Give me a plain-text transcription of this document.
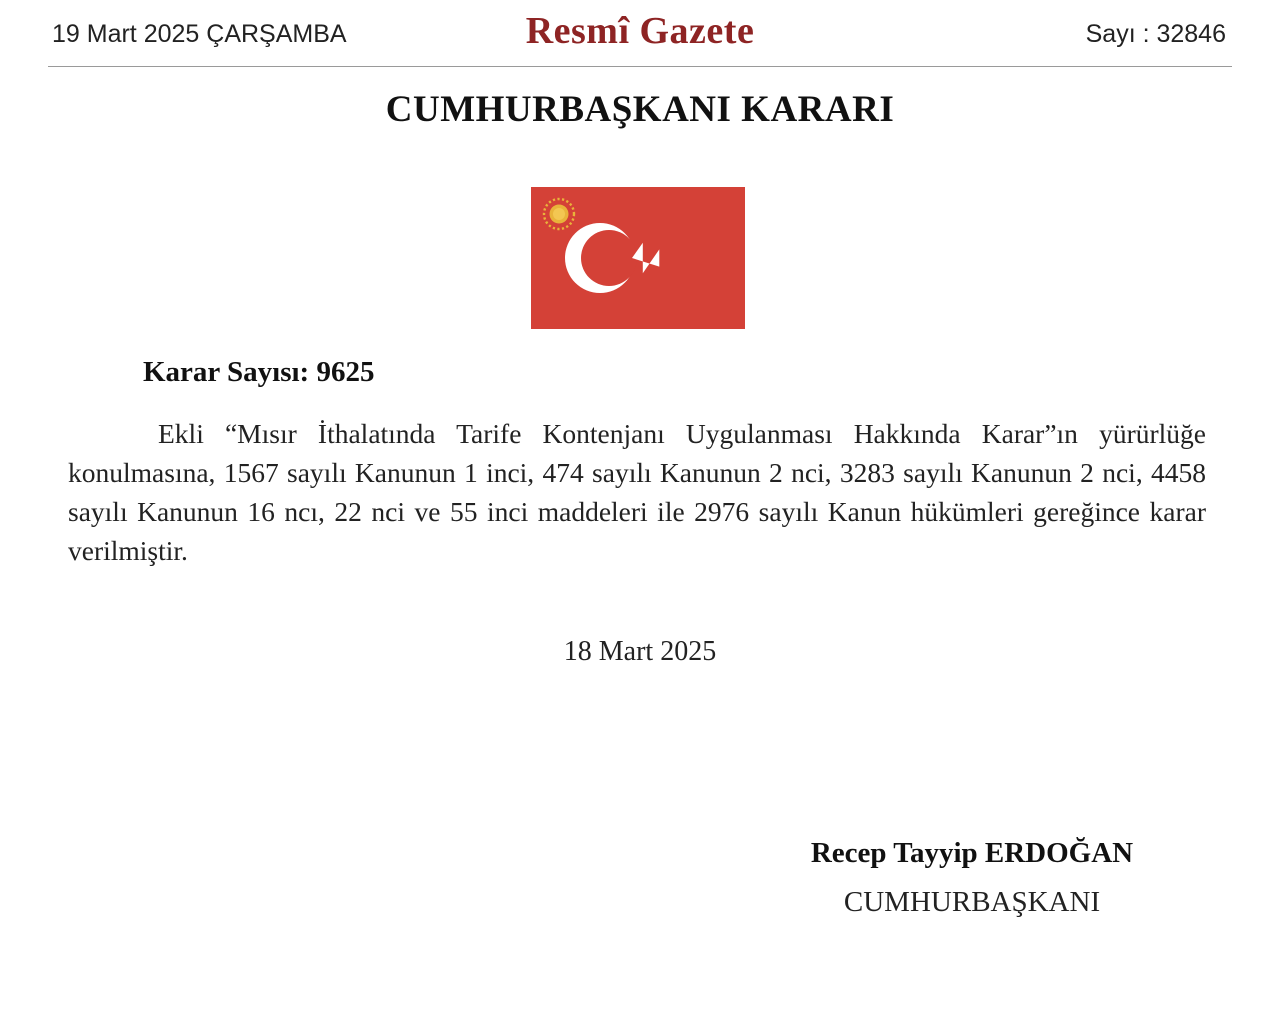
19 Mart 2025 ÇARŞAMBA	Resmî Gazete	Sayı : 32846
CUMHURBAŞKANI KARARI
Karar Sayısı: 9625

Ekli “Mısır İthalatında Tarife Kontenjanı Uygulanması Hakkında Karar”ın yürürlüğe konulmasına, 1567 sayılı Kanunun 1 inci, 474 sayılı Kanunun 2 nci, 3283 sayılı Kanunun 2 nci, 4458 sayılı Kanunun 16 ncı, 22 nci ve 55 inci maddeleri ile 2976 sayılı Kanun hükümleri gereğince karar verilmiştir.

18 Mart 2025
Recep Tayyip ERDOĞAN
CUMHURBAŞKANI
